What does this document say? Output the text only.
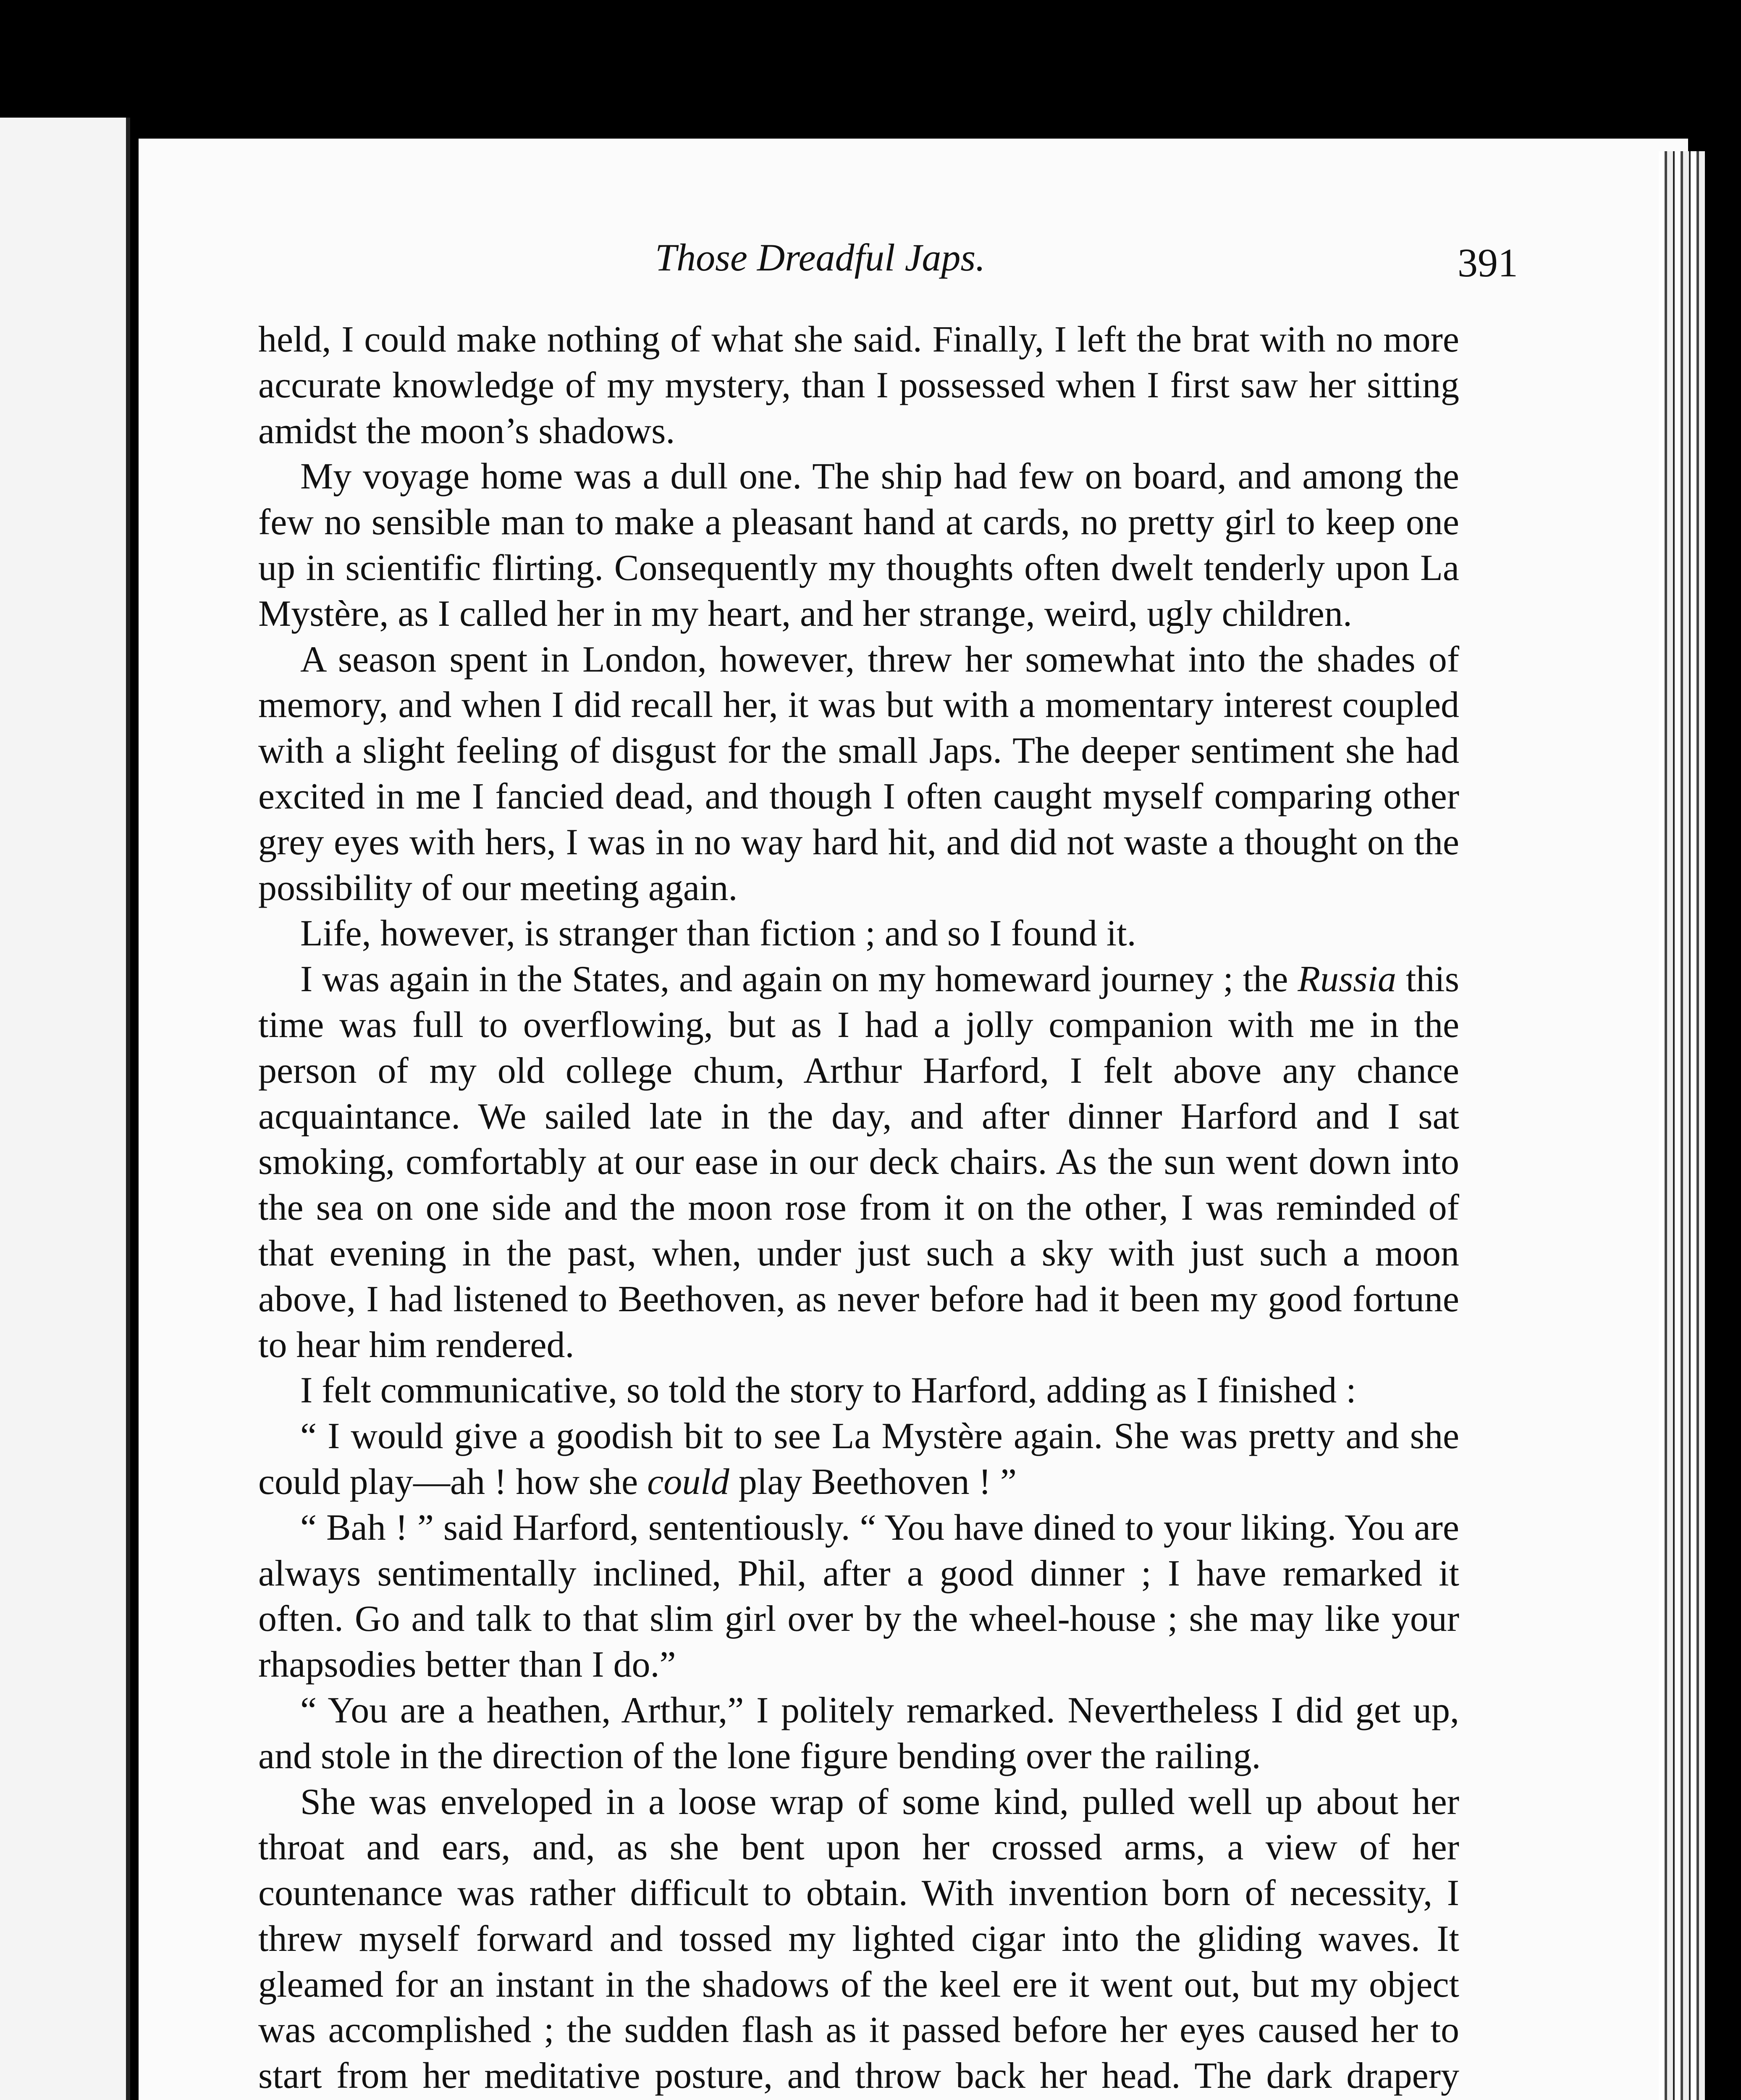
Those Dreadful Japs.	391

held, I could make nothing of what she said. Finally, I left the brat with no more accurate knowledge of my mystery, than I possessed when I first saw her sitting amidst the moon’s shadows.

My voyage home was a dull one. The ship had few on board, and among the few no sensible man to make a pleasant hand at cards, no pretty girl to keep one up in scientific flirting. Consequently my thoughts often dwelt tenderly upon La Mystère, as I called her in my heart, and her strange, weird, ugly children.

A season spent in London, however, threw her somewhat into the shades of memory, and when I did recall her, it was but with a momentary interest coupled with a slight feeling of disgust for the small Japs. The deeper sentiment she had excited in me I fancied dead, and though I often caught myself comparing other grey eyes with hers, I was in no way hard hit, and did not waste a thought on the possibility of our meeting again.

Life, however, is stranger than fiction ; and so I found it.

I was again in the States, and again on my homeward journey ; the Russia this time was full to overflowing, but as I had a jolly companion with me in the person of my old college chum, Arthur Harford, I felt above any chance acquaintance. We sailed late in the day, and after dinner Harford and I sat smoking, comfortably at our ease in our deck chairs. As the sun went down into the sea on one side and the moon rose from it on the other, I was reminded of that evening in the past, when, under just such a sky with just such a moon above, I had listened to Beethoven, as never before had it been my good fortune to hear him rendered.

I felt communicative, so told the story to Harford, adding as I finished :

“ I would give a goodish bit to see La Mystère again. She was pretty and she could play—ah ! how she could play Beethoven ! ”

“ Bah ! ” said Harford, sententiously. “ You have dined to your liking. You are always sentimentally inclined, Phil, after a good dinner ; I have remarked it often. Go and talk to that slim girl over by the wheel-house ; she may like your rhapsodies better than I do.”

“ You are a heathen, Arthur,” I politely remarked. Nevertheless I did get up, and stole in the direction of the lone figure bending over the railing.

She was enveloped in a loose wrap of some kind, pulled well up about her throat and ears, and, as she bent upon her crossed arms, a view of her countenance was rather difficult to obtain. With invention born of necessity, I threw myself forward and tossed my lighted cigar into the gliding waves. It gleamed for an instant in the shadows of the keel ere it went out, but my object was accomplished ; the sudden flash as it passed before her eyes caused her to start from her meditative posture, and throw back her head. The dark drapery
